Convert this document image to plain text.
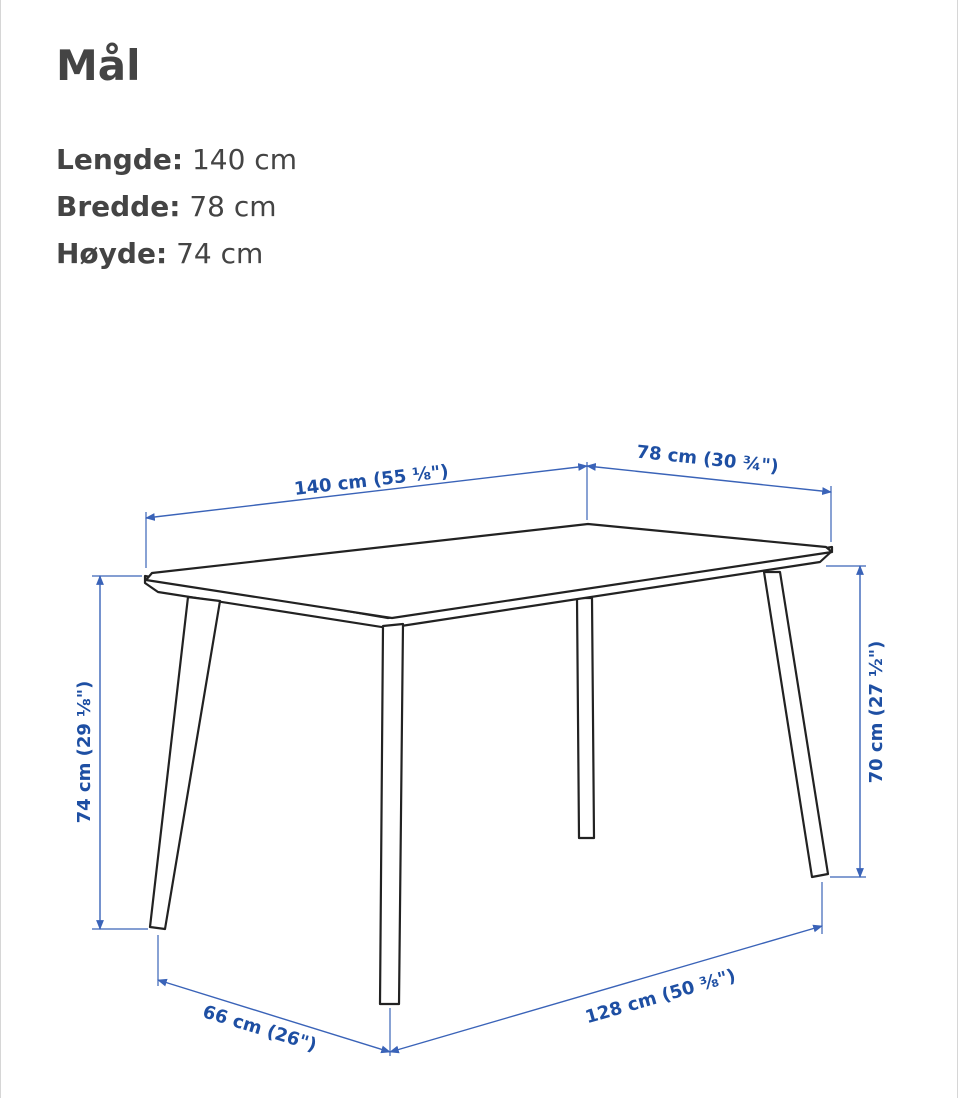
Mål
Lengde: 140 cm
Bredde: 78 cm
Høyde: 74 cm
140 cm (55 ⅛")
78 cm (30 ¾")
74 cm (29 ⅛")	70 cm (27 ½")
66 cm (26")
128 cm (50 ⅜")
